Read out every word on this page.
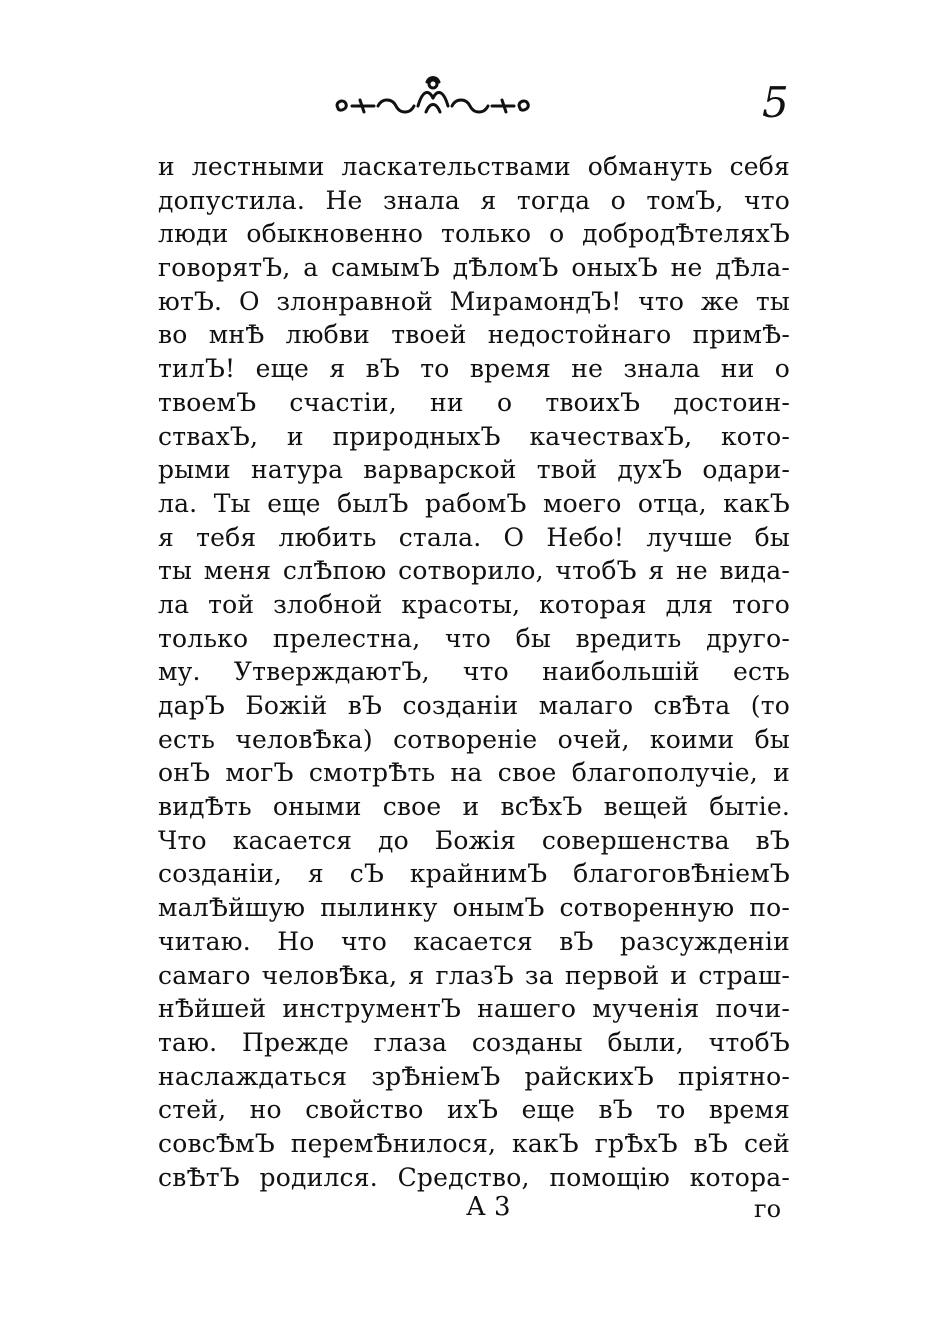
5
и лестными ласкательствами обмануть себя
допустила. Не знала я тогда о томЪ, что
люди обыкновенно только о добродѢтеляхЪ
говорятЪ, а самымЪ дѢломЪ оныхЪ не дѢла-
ютЪ. О злонравной МирамондЪ! что же ты
во мнѢ любви твоей недостойнаго примѢ-
тилЪ! еще я вЪ то время не знала ни о
твоемЪ счастiи, ни о твоихЪ достоин-
ствахЪ, и природныхЪ качествахЪ, кото-
рыми натура варварской твой духЪ одари-
ла. Ты еще былЪ рабомЪ моего отца, какЪ
я тебя любить стала. О Небо! лучше бы
ты меня слѢпою сотворило, чтобЪ я не вида-
ла той злобной красоты, которая для того
только прелестна, что бы вредить друго-
му. УтверждаютЪ, что наибольшiй есть
дарЪ Божiй вЪ созданiи малаго свѢта (то
есть человѢка) сотворенiе очей, коими бы
онЪ могЪ смотрѢть на свое благополучiе, и
видѢть оными свое и всѢхЪ вещей бытiе.
Что касается до Божiя совершенства вЪ
созданiи, я сЪ крайнимЪ благоговѢнiемЪ
малѢйшую пылинку онымЪ сотворенную по-
читаю. Но что касается вЪ разсужденiи
самаго человѢка, я глазЪ за первой и страш-
нѢйшей инструментЪ нашего мученiя почи-
таю. Прежде глаза созданы были, чтобЪ
наслаждаться зрѢнiемЪ райскихЪ прiятно-
стей, но свойство ихЪ еще вЪ то время
совсѢмЪ перемѢнилося, какЪ грѢхЪ вЪ сей
свѢтЪ родился. Средство, помощiю котора-
А 3	го
